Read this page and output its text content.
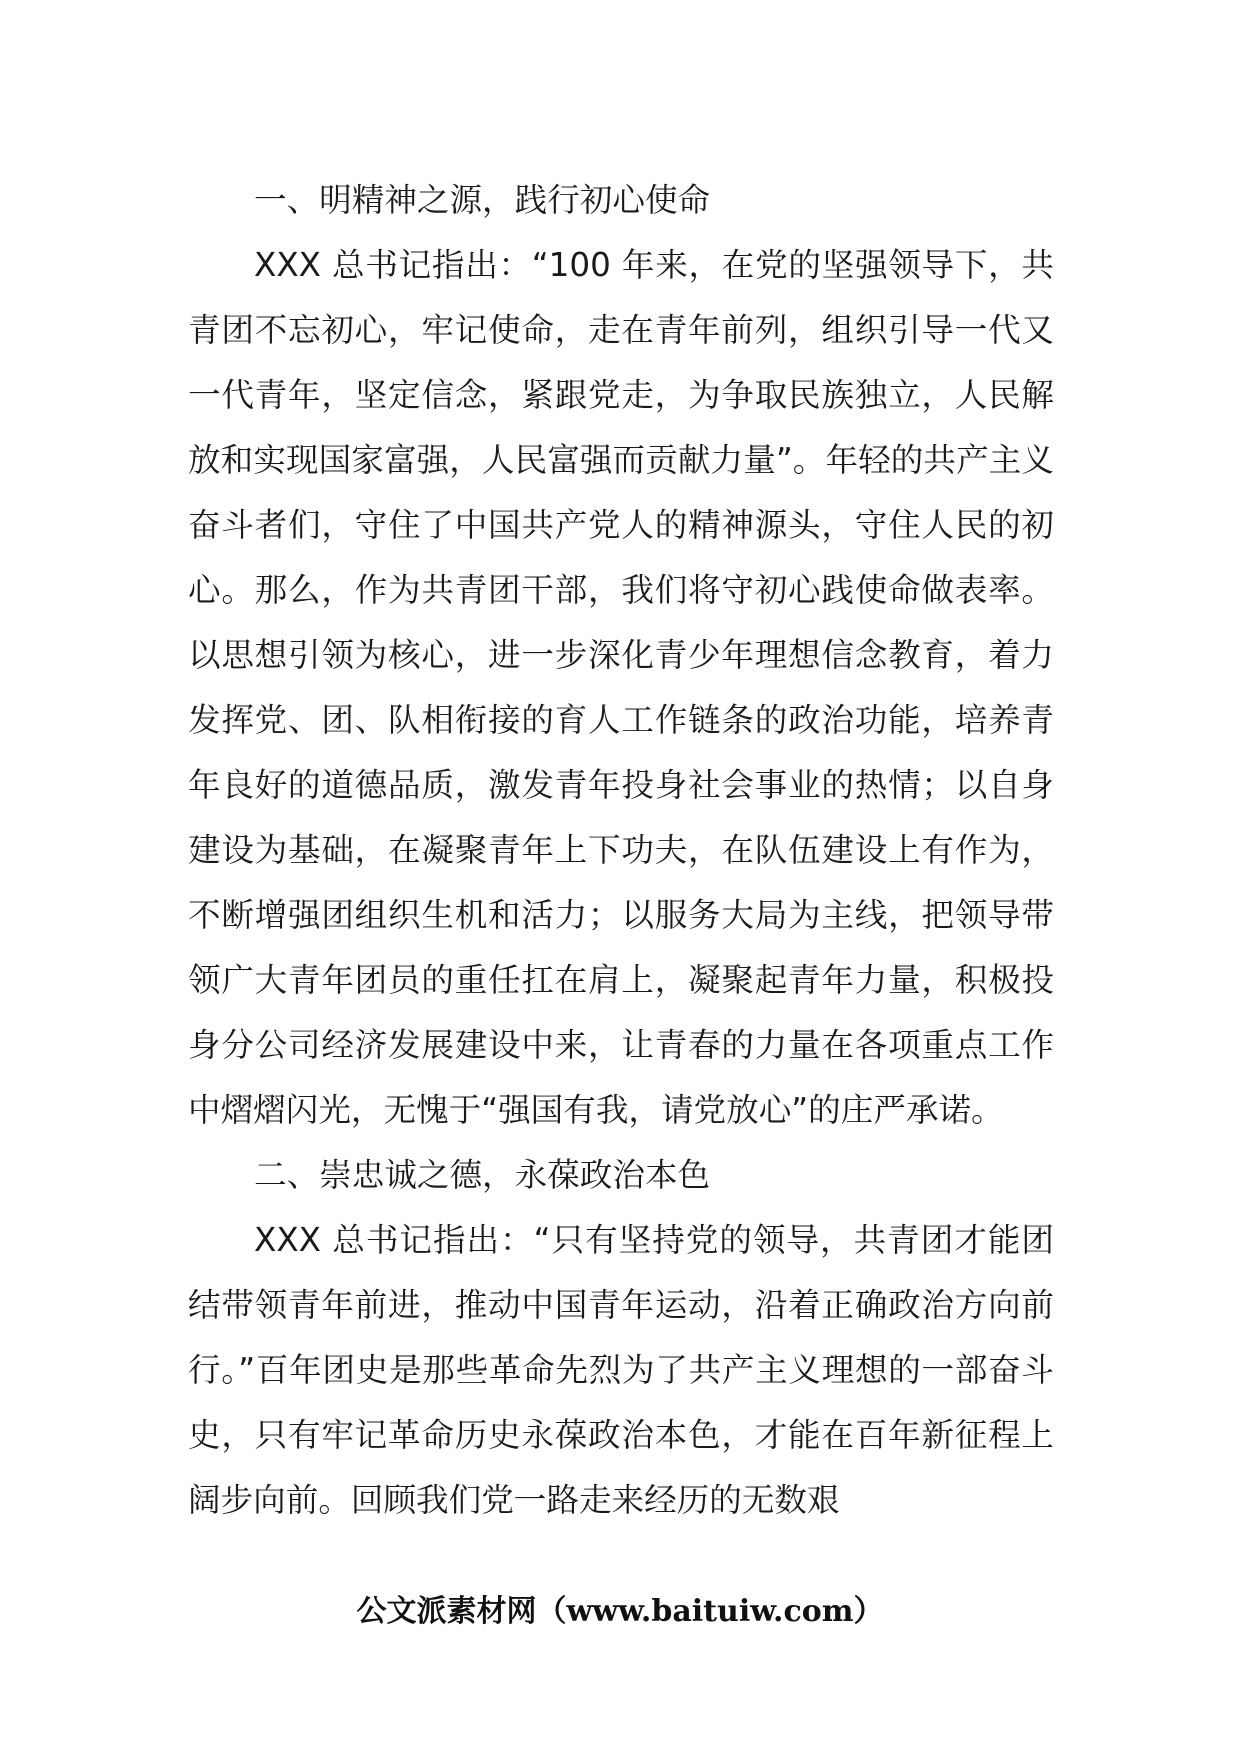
一、明精神之源，践行初心使命

XXX 总书记指出：“100 年来，在党的坚强领导下，共青团不忘初心，牢记使命，走在青年前列，组织引导一代又一代青年，坚定信念，紧跟党走，为争取民族独立，人民解放和实现国家富强，人民富强而贡献力量”。年轻的共产主义奋斗者们，守住了中国共产党人的精神源头，守住人民的初心。那么，作为共青团干部，我们将守初心践使命做表率。以思想引领为核心，进一步深化青少年理想信念教育，着力发挥党、团、队相衔接的育人工作链条的政治功能，培养青年良好的道德品质，激发青年投身社会事业的热情；以自身建设为基础，在凝聚青年上下功夫，在队伍建设上有作为，不断增强团组织生机和活力；以服务大局为主线，把领导带领广大青年团员的重任扛在肩上，凝聚起青年力量，积极投身分公司经济发展建设中来，让青春的力量在各项重点工作中熠熠闪光，无愧于“强国有我，请党放心”的庄严承诺。

二、崇忠诚之德，永葆政治本色

XXX 总书记指出：“只有坚持党的领导，共青团才能团结带领青年前进，推动中国青年运动，沿着正确政治方向前行。”百年团史是那些革命先烈为了共产主义理想的一部奋斗史，只有牢记革命历史永葆政治本色，才能在百年新征程上阔步向前。回顾我们党一路走来经历的无数艰

公文派素材网（www.baituiw.com）
